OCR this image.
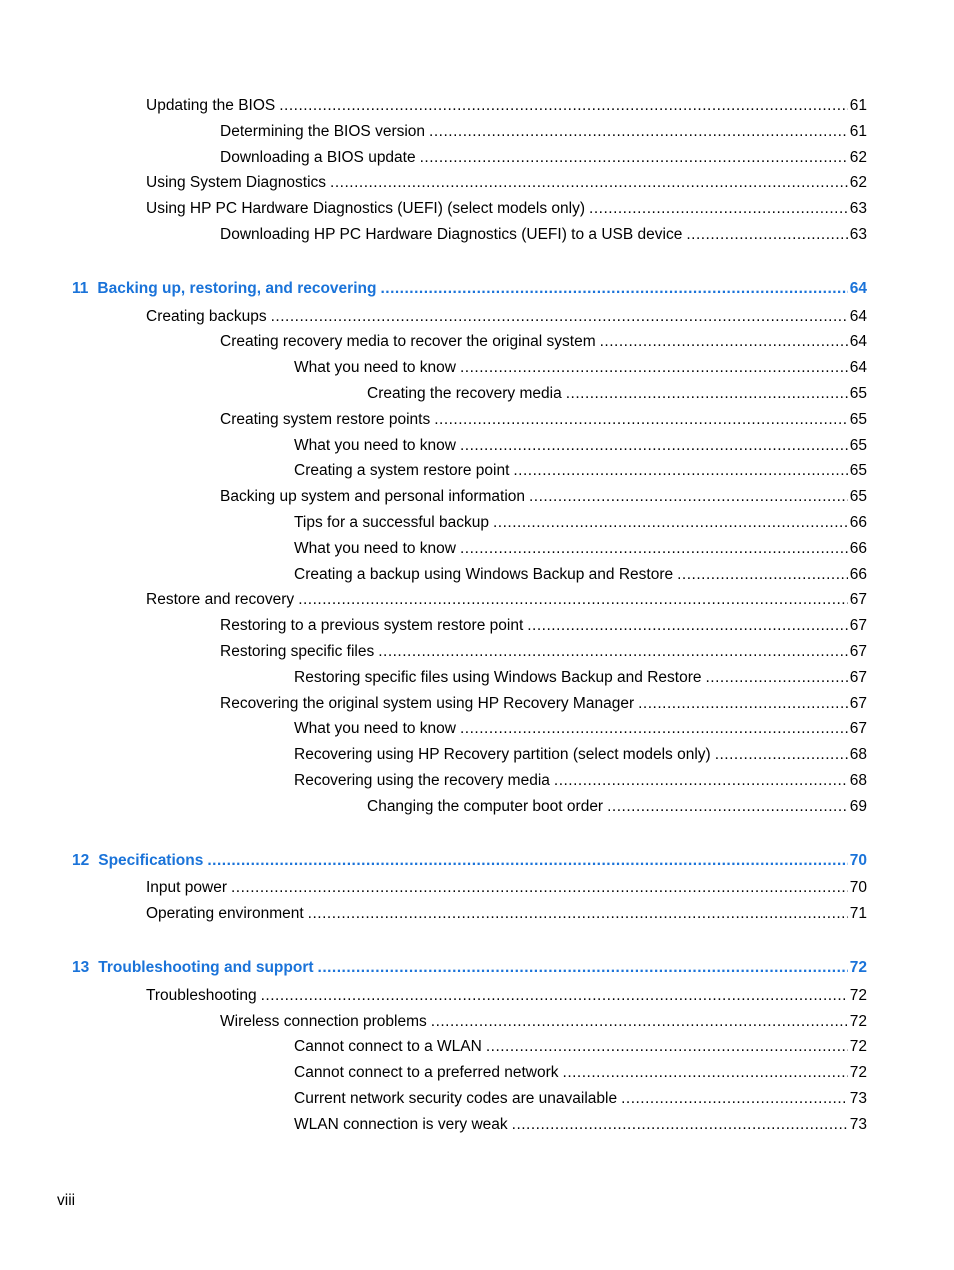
Updating the BIOS .....	61
Determining the BIOS version .....	61
Downloading a BIOS update .....	62
Using System Diagnostics .....	62
Using HP PC Hardware Diagnostics (UEFI) (select models only) .....	63
Downloading HP PC Hardware Diagnostics (UEFI) to a USB device .....	63
11 Backing up, restoring, and recovering .....	64
Creating backups .....	64
Creating recovery media to recover the original system .....	64
What you need to know .....	64
Creating the recovery media .....	65
Creating system restore points .....	65
What you need to know .....	65
Creating a system restore point .....	65
Backing up system and personal information .....	65
Tips for a successful backup .....	66
What you need to know .....	66
Creating a backup using Windows Backup and Restore .....	66
Restore and recovery .....	67
Restoring to a previous system restore point .....	67
Restoring specific files .....	67
Restoring specific files using Windows Backup and Restore .....	67
Recovering the original system using HP Recovery Manager .....	67
What you need to know .....	67
Recovering using HP Recovery partition (select models only) .....	68
Recovering using the recovery media .....	68
Changing the computer boot order .....	69
12 Specifications .....	70
Input power .....	70
Operating environment .....	71
13 Troubleshooting and support .....	72
Troubleshooting .....	72
Wireless connection problems .....	72
Cannot connect to a WLAN .....	72
Cannot connect to a preferred network .....	72
Current network security codes are unavailable .....	73
WLAN connection is very weak .....	73
viii
